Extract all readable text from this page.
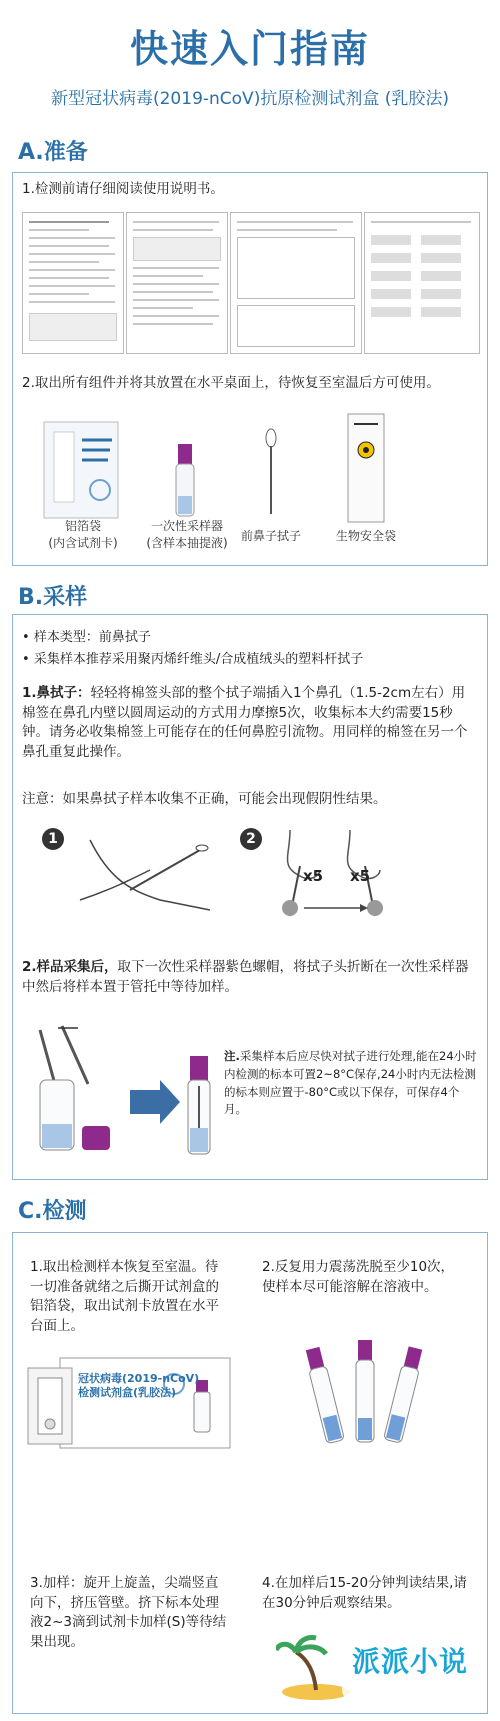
快速入门指南
新型冠状病毒(2019-nCoV)抗原检测试剂盒 (乳胶法)
A.准备
1.检测前请仔细阅读使用说明书。
2.取出所有组件并将其放置在水平桌面上，待恢复至室温后方可使用。
铝箔袋
(内含试剂卡)
一次性采样器
(含样本抽提液)	前鼻子拭子	生物安全袋
B.采样
• 样本类型：前鼻拭子
• 采集样本推荐采用聚丙烯纤维头/合成植绒头的塑料杆拭子
1.鼻拭子：轻轻将棉签头部的整个拭子端插入1个鼻孔（1.5-2cm左右）用棉签在鼻孔内壁以圆周运动的方式用力摩擦5次，收集标本大约需要15秒钟。请务必收集棉签上可能存在的任何鼻腔引流物。用同样的棉签在另一个鼻孔重复此操作。
注意：如果鼻拭子样本收集不正确，可能会出现假阴性结果。
1	2
x5 x5
2.样品采集后，取下一次性采样器紫色螺帽，将拭子头折断在一次性采样器中然后将样本置于管托中等待加样。
注.采集样本后应尽快对拭子进行处理,能在24小时内检测的标本可置2~8°C保存,24小时内无法检测的标本则应置于-80°C或以下保存，可保存4个月。
C.检测
1.取出检测样本恢复至室温。待一切准备就绪之后撕开试剂盒的铝箔袋，取出试剂卡放置在水平台面上。
2.反复用力震荡洗脱至少10次，使样本尽可能溶解在溶液中。
冠状病毒(2019-nCoV)
检测试剂盒(乳胶法)
3.加样：旋开上旋盖，尖端竖直向下，挤压管壁。挤下标本处理液2~3滴到试剂卡加样(S)等待结果出现。
4.在加样后15-20分钟判读结果,请在30分钟后观察结果。
派派小说
